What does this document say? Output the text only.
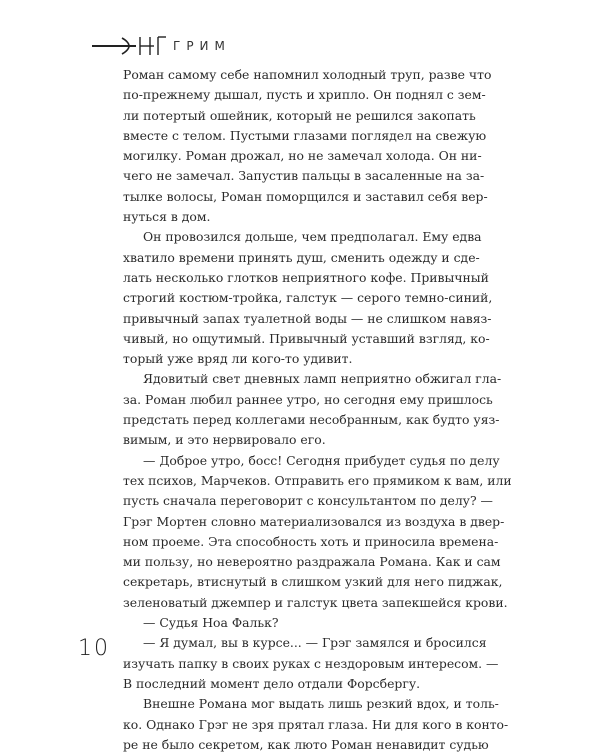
ГРИМ

Роман самому себе напомнил холодный труп, разве что

по-прежнему дышал, пусть и хрипло. Он поднял с зем-

ли потертый ошейник, который не решился закопать

вместе с телом. Пустыми глазами поглядел на свежую

могилку. Роман дрожал, но не замечал холода. Он ни-

чего не замечал. Запустив пальцы в засаленные на за-

тылке волосы, Роман поморщился и заставил себя вер-

нуться в дом.

Он провозился дольше, чем предполагал. Ему едва

хватило времени принять душ, сменить одежду и сде-

лать несколько глотков неприятного кофе. Привычный

строгий костюм-тройка, галстук — серого темно-синий,

привычный запах туалетной воды — не слишком навяз-

чивый, но ощутимый. Привычный уставший взгляд, ко-

торый уже вряд ли кого-то удивит.

Ядовитый свет дневных ламп неприятно обжигал гла-

за. Роман любил раннее утро, но сегодня ему пришлось

предстать перед коллегами несобранным, как будто уяз-

вимым, и это нервировало его.

— Доброе утро, босс! Сегодня прибудет судья по делу

тех психов, Марчеков. Отправить его прямиком к вам, или

пусть сначала переговорит с консультантом по делу? —

Грэг Мортен словно материализовался из воздуха в двер-

ном проеме. Эта способность хоть и приносила времена-

ми пользу, но невероятно раздражала Романа. Как и сам

секретарь, втиснутый в слишком узкий для него пиджак,

зеленоватый джемпер и галстук цвета запекшейся крови.

— Судья Ноа Фальк?

— Я думал, вы в курсе... — Грэг замялся и бросился

изучать папку в своих руках с нездоровым интересом. —

В последний момент дело отдали Форсбергу.

Внешне Романа мог выдать лишь резкий вдох, и толь-

ко. Однако Грэг не зря прятал глаза. Ни для кого в конто-

ре не было секретом, как люто Роман ненавидит судью

10
